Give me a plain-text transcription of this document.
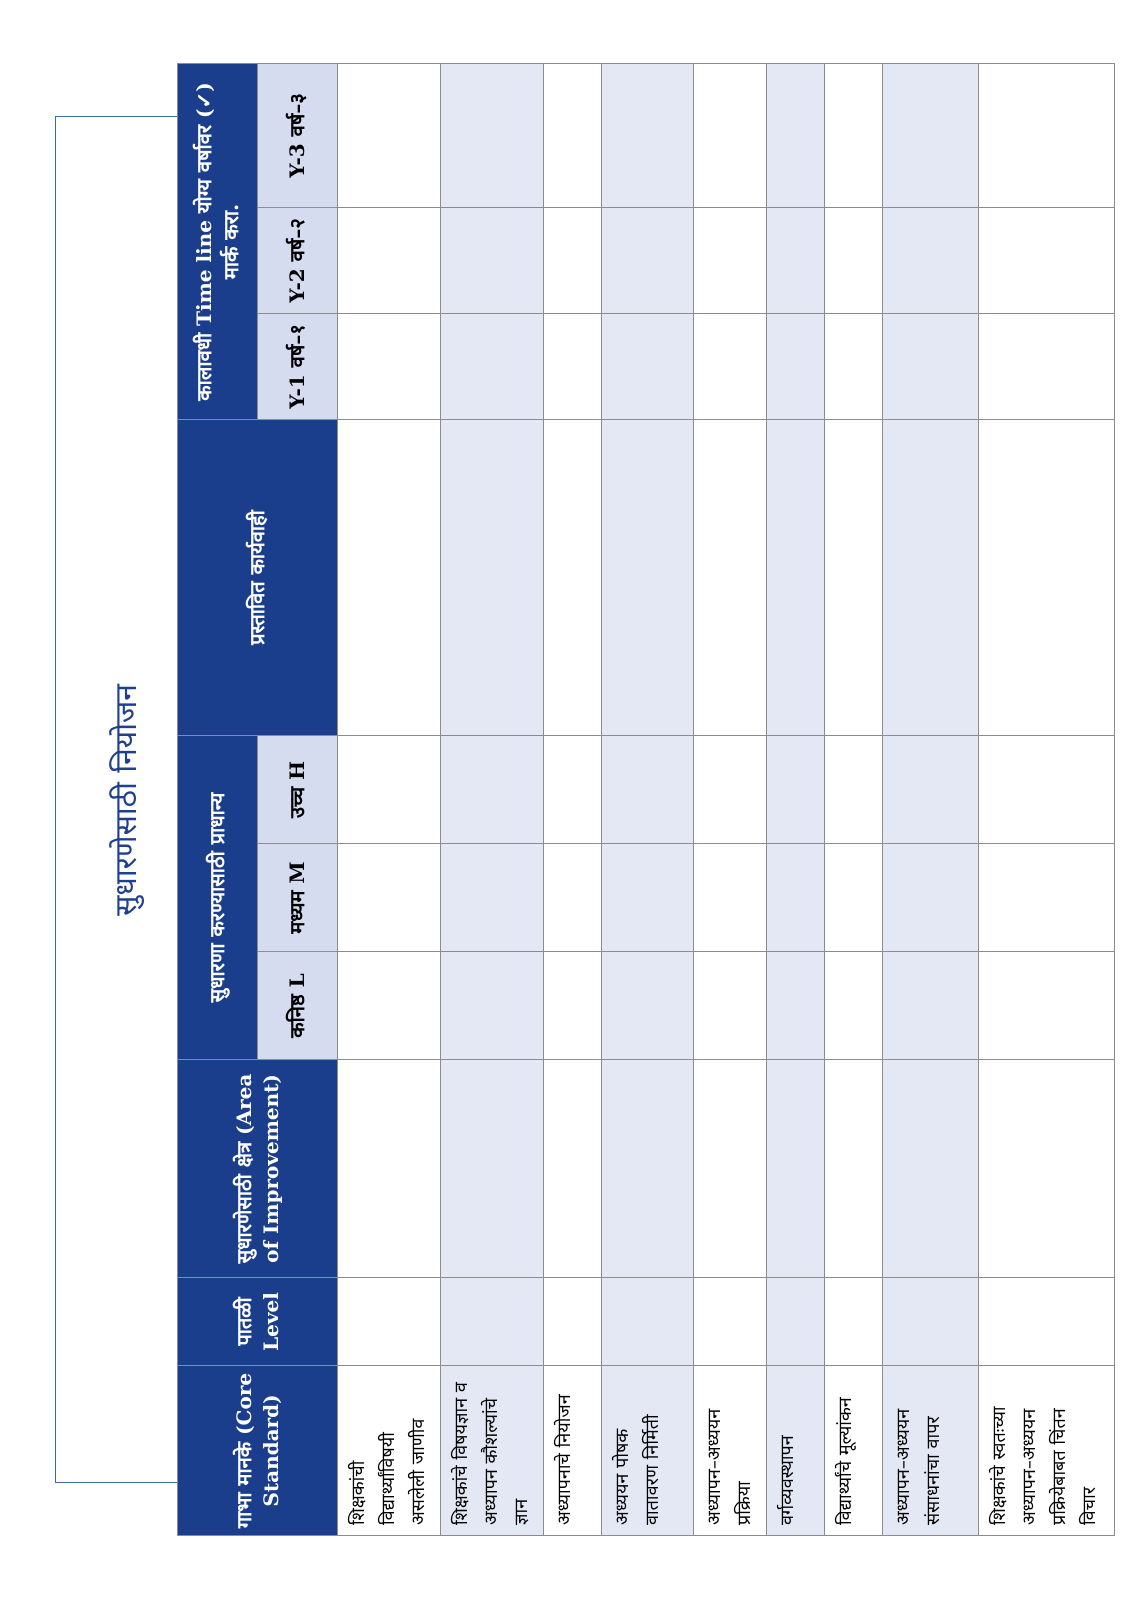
सुधारणेसाठी नियोजन
गाभा मानके (Core Standard)	पातळी Level	सुधारणेसाठी क्षेत्र (Area of Improvement)	सुधारणा करण्यासाठी प्राधान्य			प्रस्तावित कार्यवाही	कालावधी Time line योग्य वर्षावर (✓) मार्क करा.		
			कनिष्ठ L	मध्यम M	उच्च H		Y-1 वर्ष–१	Y-2 वर्ष–२	Y-3 वर्ष–३
शिक्षकांची विद्यार्थ्यांविषयी असलेली जाणीव									
शिक्षकांचे विषयज्ञान व अध्यापन कौशल्यांचे ज्ञान									
अध्यापनाचे नियोजन									
अध्ययन पोषक वातावरण निर्मिती									
अध्यापन–अध्ययन प्रक्रिया									
वर्गव्यवस्थापन									
विद्यार्थ्यांचे मूल्यांकन									
अध्यापन–अध्ययन संसाधनांचा वापर									
शिक्षकांचे स्वतःच्या अध्यापन–अध्ययन प्रक्रियेबाबत चिंतन विचार									
